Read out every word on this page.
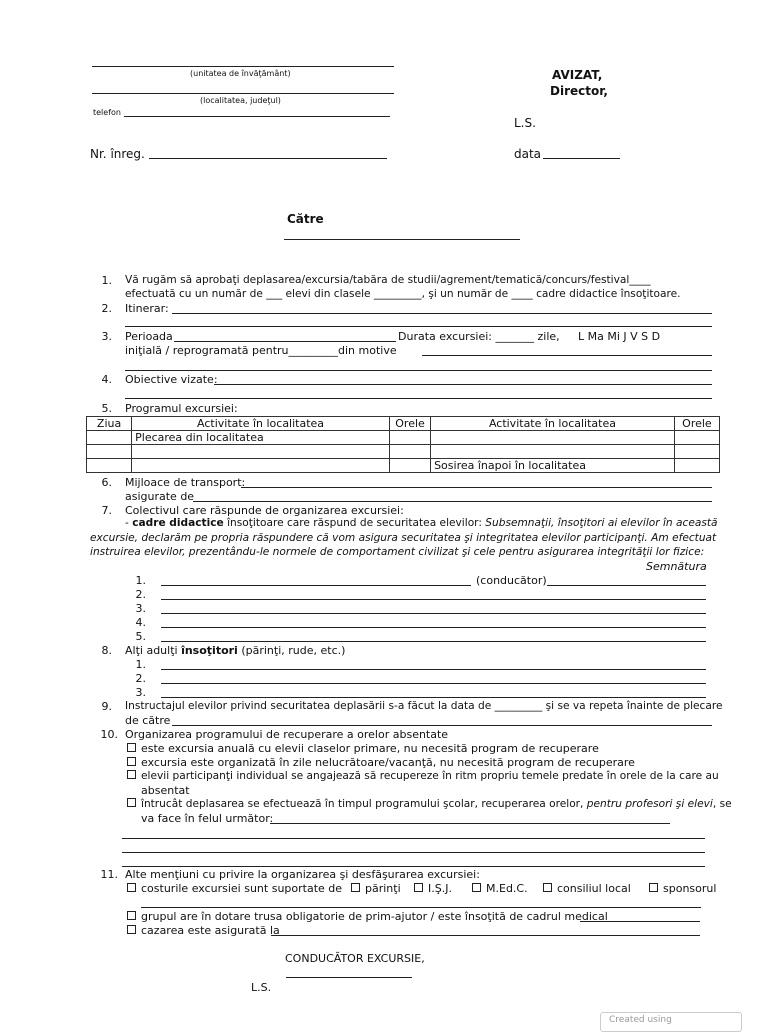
(unitatea de învăţământ)
(localitatea, judeţul)
telefon
AVIZAT,
Director,
L.S.
Nr. înreg.	data
Către
1. Vă rugăm să aprobaţi deplasarea/excursia/tabăra de studii/agrement/tematică/concurs/festival____
efectuată cu un număr de ___ elevi din clasele _________, şi un număr de ____ cadre didactice însoţitoare.
2. Itinerar:
3. Perioada	Durata excursiei: _______ zile, L Ma Mi J V S D
iniţială / reprogramată pentru_________din motive
4. Obiective vizate:
5. Programul excursiei:
Ziua	Activitate în localitatea	Orele	Activitate în localitatea	Orele
	Plecarea din localitatea			

			Sosirea înapoi în localitatea	
6. Mijloace de transport:
asigurate de
7. Colectivul care răspunde de organizarea excursiei:
- cadre didactice însoţitoare care răspund de securitatea elevilor: Subsemnaţii, însoţitori ai elevilor în această
excursie, declarăm pe propria răspundere că vom asigura securitatea şi integritatea elevilor participanţi. Am efectuat
instruirea elevilor, prezentându-le normele de comportament civilizat şi cele pentru asigurarea integrităţii lor fizice:
Semnătura
1.	(conducător)
2.
3.
4.
5.
8. Alţi adulţi însoţitori (părinţi, rude, etc.)
1.
2.
3.
9. Instructajul elevilor privind securitatea deplasării s-a făcut la data de _________ şi se va repeta înainte de plecare
de către
10. Organizarea programului de recuperare a orelor absentate
este excursia anuală cu elevii claselor primare, nu necesită program de recuperare
excursia este organizată în zile nelucrătoare/vacanţă, nu necesită program de recuperare
elevii participanţi individual se angajează să recupereze în ritm propriu temele predate în orele de la care au
absentat
întrucât deplasarea se efectuează în timpul programului şcolar, recuperarea orelor, pentru profesori şi elevi, se
va face în felul următor:
11. Alte menţiuni cu privire la organizarea şi desfăşurarea excursiei:
costurile excursiei sunt suportate de	părinţi	I.Ş.J.	M.Ed.C.	consiliul local	sponsorul
grupul are în dotare trusa obligatorie de prim-ajutor / este însoţită de cadrul medical
cazarea este asigurată la
CONDUCĂTOR EXCURSIE,
L.S.
Created using
